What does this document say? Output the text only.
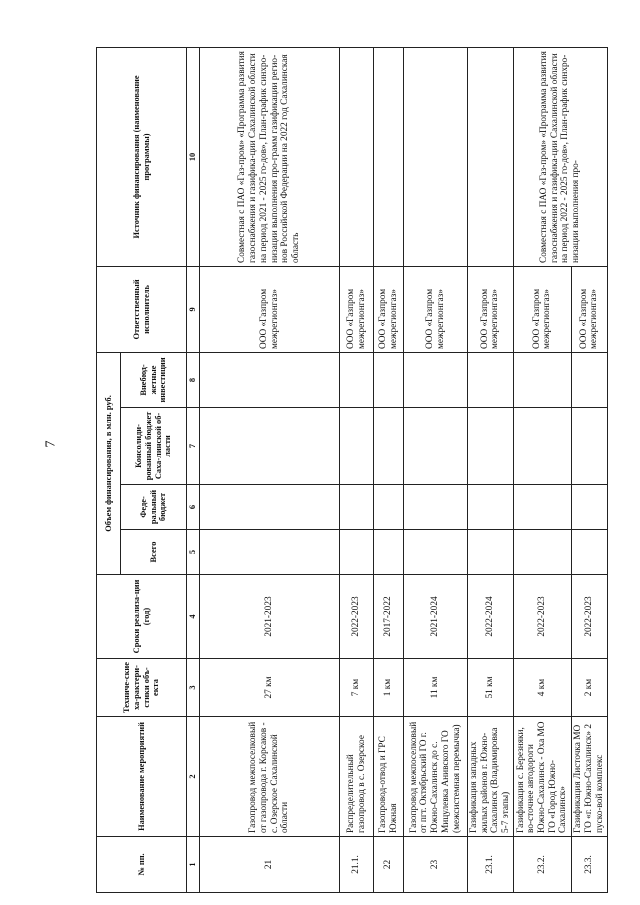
7
№ пп.	Наименование мероприятий	Техниче-ские ха-рактери-стики объ-екта	Сроки реализа-ции (год)	Объем финансирования, в млн. руб.				Ответственный исполнитель	Источник финансирования (наименование программы)
				Всего	Феде-ральный бюджет	Консолиди-рованный бюджет Саха-линской об-ласти	Внебюд-жетные инвестиции		
1	2	3	4	5	6	7	8	9	10
21	Газопровод межпоселковый от газопровода г. Корсаков - с. Озерское Сахалинской области	27 км	2021-2023					ООО «Газпром межрегионгаз»	Совместная с ПАО «Газ-пром» «Программа развития газоснабжения и газифика-ции Сахалинской области на период 2021 - 2025 го-дов», План-график синхро-низации выполнения про-грамм газификации регио-нов Российской Федерации на 2022 год Сахалинская область
21.1.	Распределительный газопровод в с. Озерское	7 км	2022-2023					ООО «Газпром межрегионгаз»	
22	Газопровод-отвод и ГРС Южная	1 км	2017-2022					ООО «Газпром межрегионгаз»	
23	Газопровод межпоселковый от пгт. Октябрьский ГО г. Южно-Сахалинск до с. Мицулевка Анивского ГО (межсистемная перемычка)	11 км	2021-2024					ООО «Газпром межрегионгаз»	
23.1.	Газификация западных жилых районов г. Южно-Сахалинск (Владимировка 5-7 этапы)	51 км	2022-2024					ООО «Газпром межрегионгаз»	
23.2.	Газификация с. Березняки, во-сточнее автодороги Южно-Сахалинск - Оха МО ГО «Город Южно-Сахалинск»	4 км	2022-2023					ООО «Газпром межрегионгаз»	Совместная с ПАО «Газ-пром» «Программа развития газоснабжения и газифика-ции Сахалинской области на период 2022 - 2025 го-дов», План-график синхро-низации выполнения про-
23.3.	Газификация Листочка МО ГО «г. Южно-Сахалинск» 2 пуско-вой комплекс	2 км	2022-2023					ООО «Газпром межрегионгаз»	
